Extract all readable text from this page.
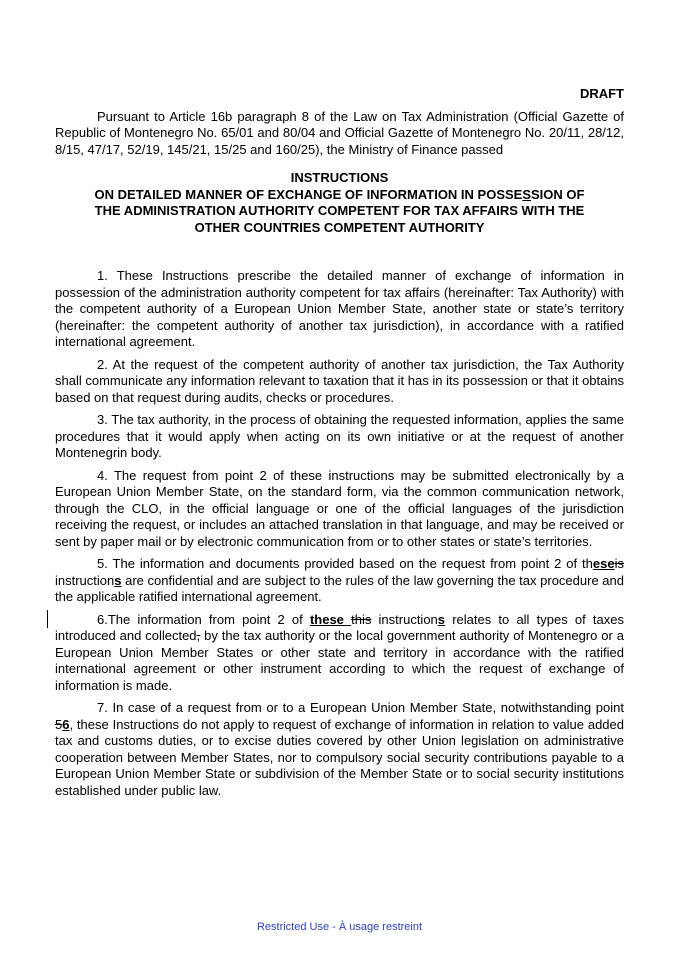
DRAFT

Pursuant to Article 16b paragraph 8 of the Law on Tax Administration (Official Gazette of Republic of Montenegro No. 65/01 and 80/04 and Official Gazette of Montenegro No. 20/11, 28/12, 8/15, 47/17, 52/19, 145/21, 15/25 and 160/25), the Ministry of Finance passed

INSTRUCTIONS
ON DETAILED MANNER OF EXCHANGE OF INFORMATION IN POSSESSION OF
THE ADMINISTRATION AUTHORITY COMPETENT FOR TAX AFFAIRS WITH THE
OTHER COUNTRIES COMPETENT AUTHORITY

1. These Instructions prescribe the detailed manner of exchange of information in possession of the administration authority competent for tax affairs (hereinafter: Tax Authority) with the competent authority of a European Union Member State, another state or state’s territory (hereinafter: the competent authority of another tax jurisdiction), in accordance with a ratified international agreement.

2. At the request of the competent authority of another tax jurisdiction, the Tax Authority shall communicate any information relevant to taxation that it has in its possession or that it obtains based on that request during audits, checks or procedures.

3. The tax authority, in the process of obtaining the requested information, applies the same procedures that it would apply when acting on its own initiative or at the request of another Montenegrin body.

4. The request from point 2 of these instructions may be submitted electronically by a European Union Member State, on the standard form, via the common communication network, through the CLO, in the official language or one of the official languages of the jurisdiction receiving the request, or includes an attached translation in that language, and may be received or sent by paper mail or by electronic communication from or to other states or state’s territories.

5. The information and documents provided based on the request from point 2 of theseis instructions are confidential and are subject to the rules of the law governing the tax procedure and the applicable ratified international agreement.

6.The information from point 2 of these this instructions relates to all types of taxes introduced and collected, by the tax authority or the local government authority of Montenegro or a European Union Member States or other state and territory in accordance with the ratified international agreement or other instrument according to which the request of exchange of information is made.

7. In case of a request from or to a European Union Member State, notwithstanding point 56, these Instructions do not apply to request of exchange of information in relation to value added tax and customs duties, or to excise duties covered by other Union legislation on administrative cooperation between Member States, nor to compulsory social security contributions payable to a European Union Member State or subdivision of the Member State or to social security institutions established under public law.

Restricted Use - À usage restreint
